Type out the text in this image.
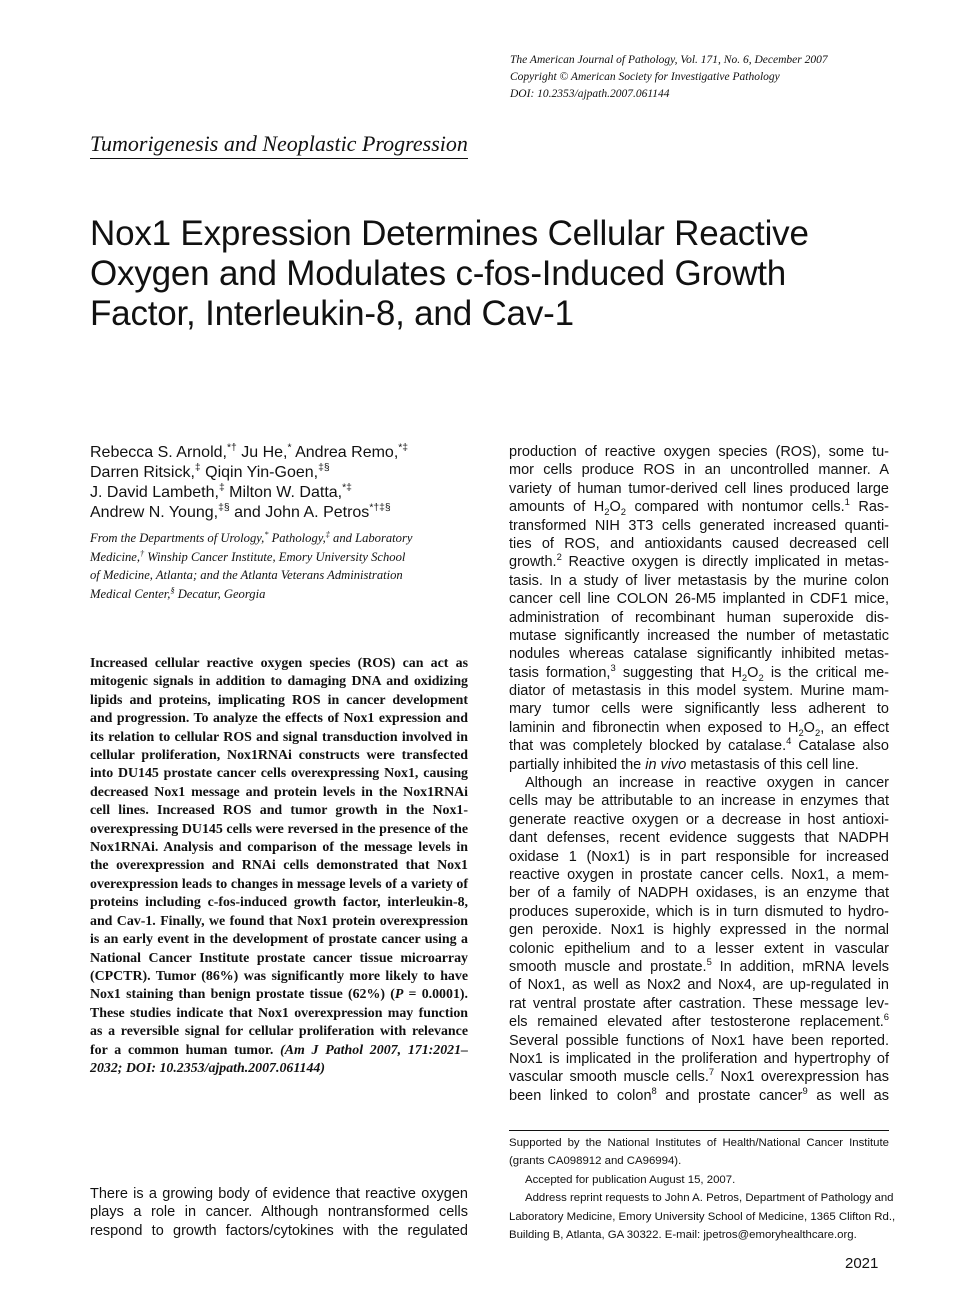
The American Journal of Pathology, Vol. 171, No. 6, December 2007
Copyright © American Society for Investigative Pathology
DOI: 10.2353/ajpath.2007.061144
Tumorigenesis and Neoplastic Progression
Nox1 Expression Determines Cellular Reactive
Oxygen and Modulates c-fos-Induced Growth
Factor, Interleukin-8, and Cav-1
Rebecca S. Arnold,*† Ju He,* Andrea Remo,*‡
Darren Ritsick,‡ Qiqin Yin-Goen,‡§
J. David Lambeth,‡ Milton W. Datta,*‡
Andrew N. Young,‡§ and John A. Petros*†‡§
From the Departments of Urology,* Pathology,‡ and Laboratory
Medicine,† Winship Cancer Institute, Emory University School
of Medicine, Atlanta; and the Atlanta Veterans Administration
Medical Center,§ Decatur, Georgia

Increased cellular reactive oxygen species (ROS) can act as mitogenic signals in addition to damaging DNA and oxidizing lipids and proteins, implicating ROS in cancer development and progression. To analyze the effects of Nox1 expression and its relation to cellular ROS and signal transduction involved in cellular proliferation, Nox1RNAi constructs were transfected into DU145 prostate cancer cells overexpressing Nox1, causing decreased Nox1 message and protein levels in the Nox1RNAi cell lines. Increased ROS and tumor growth in the Nox1-overexpressing DU145 cells were reversed in the presence of the Nox1RNAi. Analysis and comparison of the message levels in the overexpression and RNAi cells demonstrated that Nox1 overexpression leads to changes in message levels of a variety of proteins including c-fos-induced growth factor, interleukin-8, and Cav-1. Finally, we found that Nox1 protein overexpression is an early event in the development of prostate cancer using a National Cancer Institute prostate cancer tissue microarray (CPCTR). Tumor (86%) was significantly more likely to have Nox1 staining than benign prostate tissue (62%) (P = 0.0001). These studies indicate that Nox1 overexpression may function as a reversible signal for cellular proliferation with relevance for a common human tumor. (Am J Pathol 2007, 171:2021–2032; DOI: 10.2353/ajpath.2007.061144)

There is a growing body of evidence that reactive oxygen
plays a role in cancer. Although nontransformed cells
respond to growth factors/cytokines with the regulated
production of reactive oxygen species (ROS), some tu-
mor cells produce ROS in an uncontrolled manner. A
variety of human tumor-derived cell lines produced large
amounts of $H_2O_2$ compared with nontumor cells.$^1$ Ras-
transformed NIH 3T3 cells generated increased quanti-
ties of ROS, and antioxidants caused decreased cell
growth.$^2$ Reactive oxygen is directly implicated in metas-
tasis. In a study of liver metastasis by the murine colon
cancer cell line COLON 26-M5 implanted in CDF1 mice,
administration of recombinant human superoxide dis-
mutase significantly increased the number of metastatic
nodules whereas catalase significantly inhibited metas-
tasis formation,$^3$ suggesting that $H_2O_2$ is the critical me-
diator of metastasis in this model system. Murine mam-
mary tumor cells were significantly less adherent to
laminin and fibronectin when exposed to $H_2O_2$, an effect
that was completely blocked by catalase.$^4$ Catalase also
partially inhibited the in vivo metastasis of this cell line.
Although an increase in reactive oxygen in cancer
cells may be attributable to an increase in enzymes that
generate reactive oxygen or a decrease in host antioxi-
dant defenses, recent evidence suggests that NADPH
oxidase 1 (Nox1) is in part responsible for increased
reactive oxygen in prostate cancer cells. Nox1, a mem-
ber of a family of NADPH oxidases, is an enzyme that
produces superoxide, which is in turn dismuted to hydro-
gen peroxide. Nox1 is highly expressed in the normal
colonic epithelium and to a lesser extent in vascular
smooth muscle and prostate.$^5$ In addition, mRNA levels
of Nox1, as well as Nox2 and Nox4, are up-regulated in
rat ventral prostate after castration. These message lev-
els remained elevated after testosterone replacement.$^6$
Several possible functions of Nox1 have been reported.
Nox1 is implicated in the proliferation and hypertrophy of
vascular smooth muscle cells.$^7$ Nox1 overexpression has
been linked to colon$^8$ and prostate cancer$^9$ as well as
Supported by the National Institutes of Health/National Cancer Institute
(grants CA098912 and CA96994).
Accepted for publication August 15, 2007.
Address reprint requests to John A. Petros, Department of Pathology and
Laboratory Medicine, Emory University School of Medicine, 1365 Clifton Rd.,
Building B, Atlanta, GA 30322. E-mail: jpetros@emoryhealthcare.org.
2021
